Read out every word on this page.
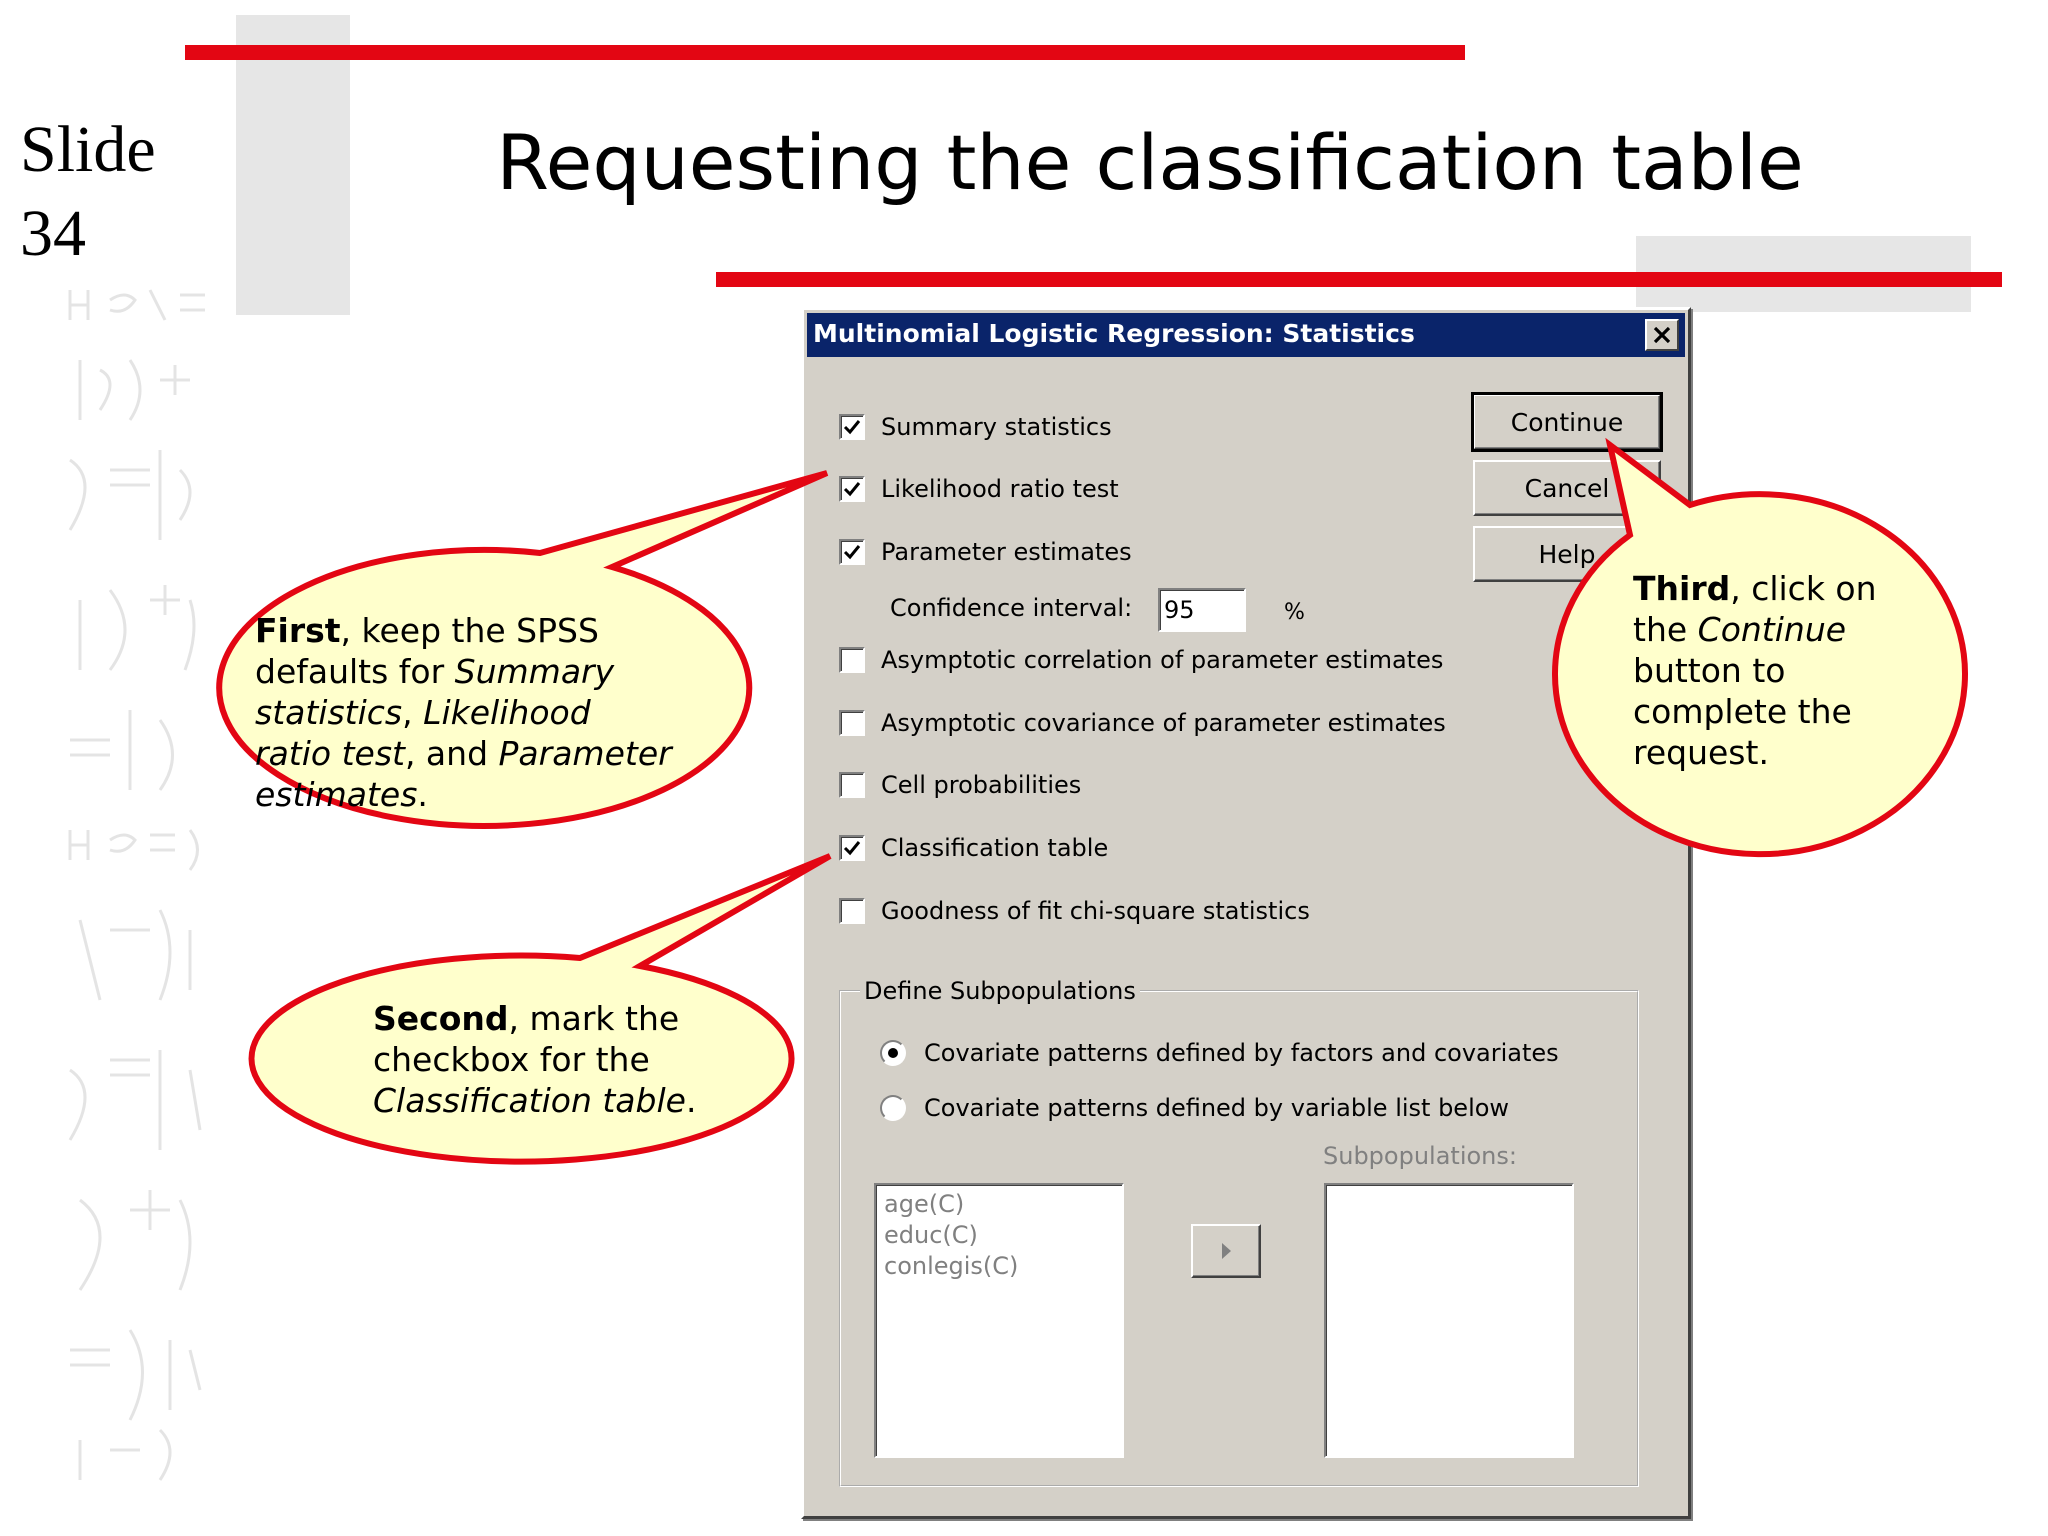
Slide
34
Requesting the classification table
Multinomial Logistic Regression: Statistics
Summary statistics
Likelihood ratio test
Parameter estimates
Confidence interval: 95	%
Asymptotic correlation of parameter estimates
Asymptotic covariance of parameter estimates
Cell probabilities
Classification table
Goodness of fit chi-square statistics
Continue
Cancel
Help
Define Subpopulations
Covariate patterns defined by factors and covariates
Covariate patterns defined by variable list below
Subpopulations:
age(C)
educ(C)
conlegis(C)
First, keep the SPSS defaults for Summary statistics, Likelihood ratio test, and Parameter estimates.
Second, mark the checkbox for the Classification table.
Third, click on the Continue button to complete the request.
